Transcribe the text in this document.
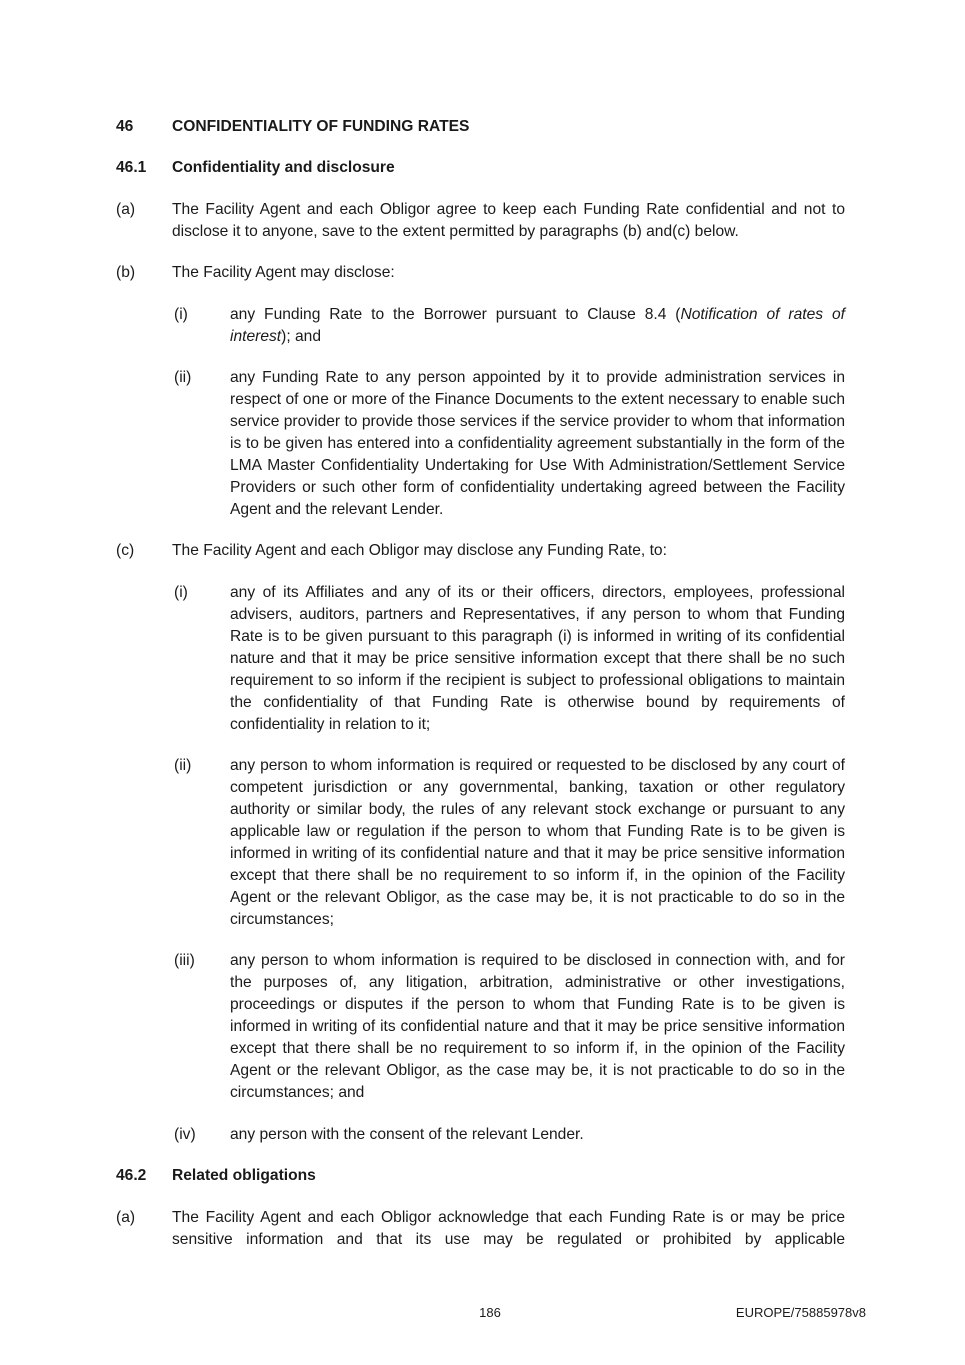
46	CONFIDENTIALITY OF FUNDING RATES
46.1	Confidentiality and disclosure
(a)	The Facility Agent and each Obligor agree to keep each Funding Rate confidential and not to disclose it to anyone, save to the extent permitted by paragraphs (b) and(c) below.
(b)	The Facility Agent may disclose:
(i)	any Funding Rate to the Borrower pursuant to Clause 8.4 (Notification of rates of interest); and
(ii)	any Funding Rate to any person appointed by it to provide administration services in respect of one or more of the Finance Documents to the extent necessary to enable such service provider to provide those services if the service provider to whom that information is to be given has entered into a confidentiality agreement substantially in the form of the LMA Master Confidentiality Undertaking for Use With Administration/Settlement Service Providers or such other form of confidentiality undertaking agreed between the Facility Agent and the relevant Lender.
(c)	The Facility Agent and each Obligor may disclose any Funding Rate, to:
(i)	any of its Affiliates and any of its or their officers, directors, employees, professional advisers, auditors, partners and Representatives, if any person to whom that Funding Rate is to be given pursuant to this paragraph (i) is informed in writing of its confidential nature and that it may be price sensitive information except that there shall be no such requirement to so inform if the recipient is subject to professional obligations to maintain the confidentiality of that Funding Rate is otherwise bound by requirements of confidentiality in relation to it;
(ii)	any person to whom information is required or requested to be disclosed by any court of competent jurisdiction or any governmental, banking, taxation or other regulatory authority or similar body, the rules of any relevant stock exchange or pursuant to any applicable law or regulation if the person to whom that Funding Rate is to be given is informed in writing of its confidential nature and that it may be price sensitive information except that there shall be no requirement to so inform if, in the opinion of the Facility Agent or the relevant Obligor, as the case may be, it is not practicable to do so in the circumstances;
(iii)	any person to whom information is required to be disclosed in connection with, and for the purposes of, any litigation, arbitration, administrative or other investigations, proceedings or disputes if the person to whom that Funding Rate is to be given is informed in writing of its confidential nature and that it may be price sensitive information except that there shall be no requirement to so inform if, in the opinion of the Facility Agent or the relevant Obligor, as the case may be, it is not practicable to do so in the circumstances; and
(iv)	any person with the consent of the relevant Lender.
46.2	Related obligations
(a)	The Facility Agent and each Obligor acknowledge that each Funding Rate is or may be price sensitive information and that its use may be regulated or prohibited by applicable
186	EUROPE/75885978v8
